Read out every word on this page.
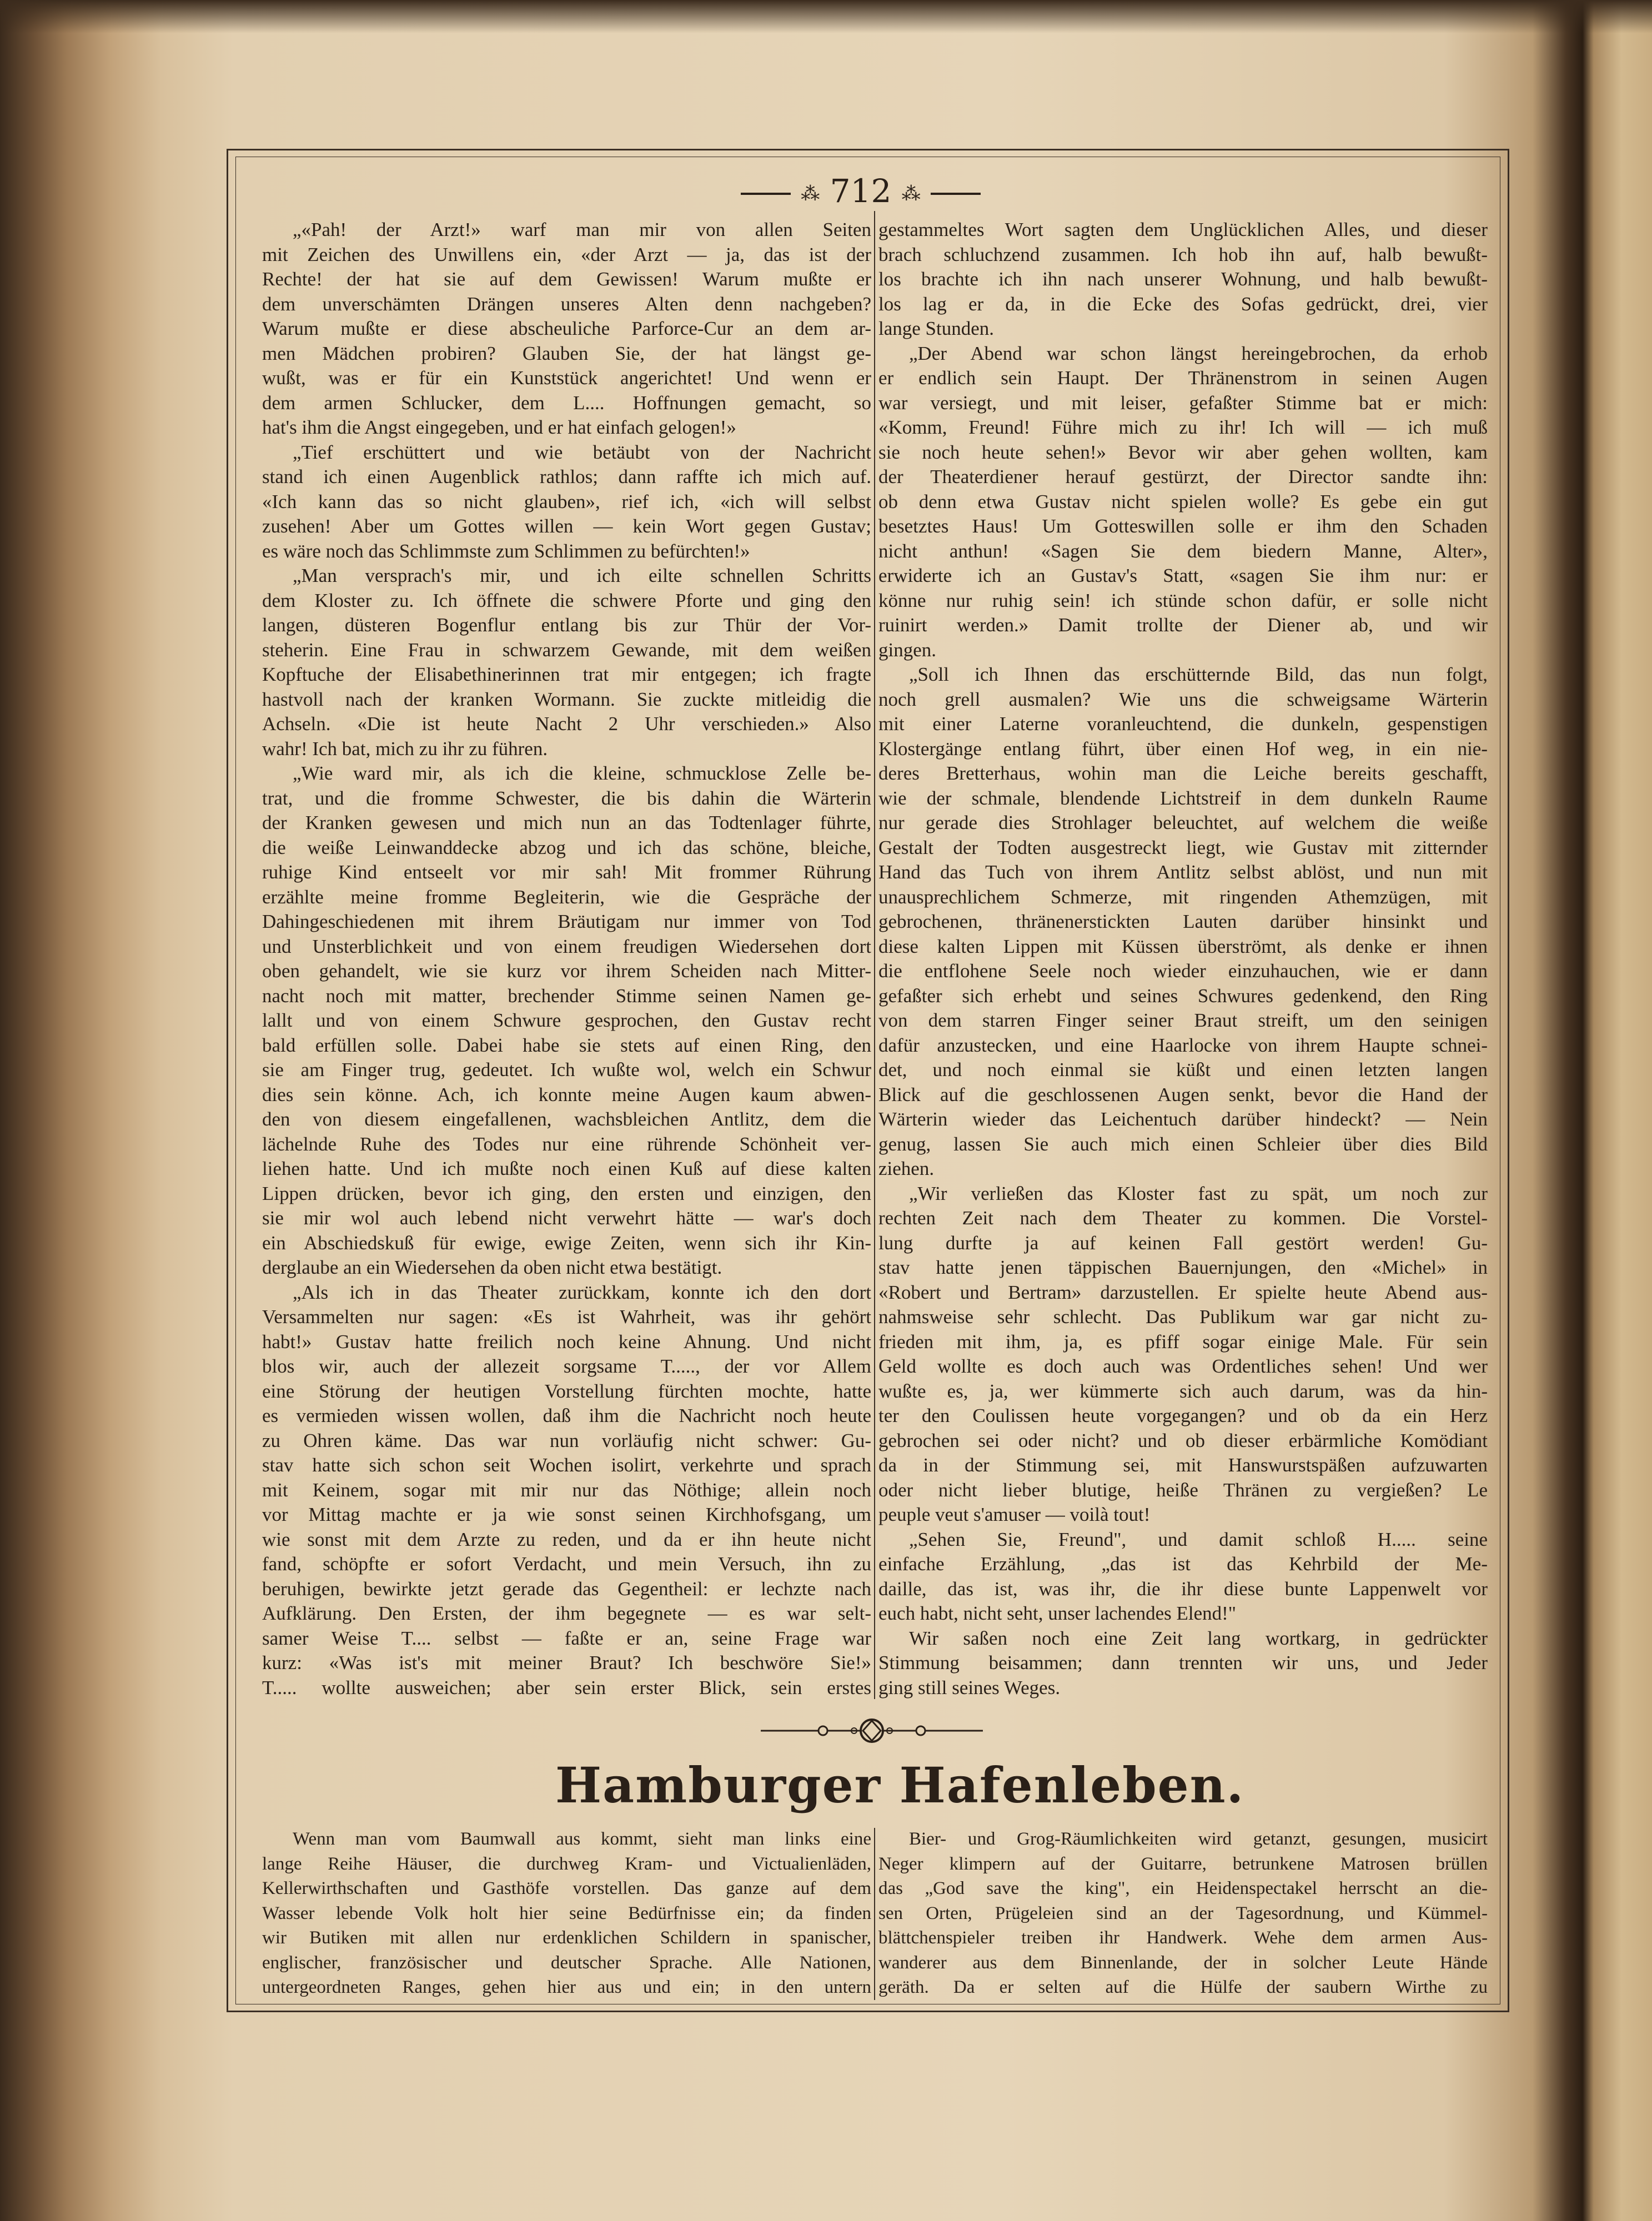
⁂ 712 ⁂
„«Pah! der Arzt!» warf man mir von allen Seiten
mit Zeichen des Unwillens ein, «der Arzt — ja, das ist der
Rechte! der hat sie auf dem Gewissen! Warum mußte er
dem unverschämten Drängen unseres Alten denn nachgeben?
Warum mußte er diese abscheuliche Parforce-Cur an dem ar-
men Mädchen probiren? Glauben Sie, der hat längst ge-
wußt, was er für ein Kunststück angerichtet! Und wenn er
dem armen Schlucker, dem L.... Hoffnungen gemacht, so
hat's ihm die Angst eingegeben, und er hat einfach gelogen!»
„Tief erschüttert und wie betäubt von der Nachricht
stand ich einen Augenblick rathlos; dann raffte ich mich auf.
«Ich kann das so nicht glauben», rief ich, «ich will selbst
zusehen! Aber um Gottes willen — kein Wort gegen Gustav;
es wäre noch das Schlimmste zum Schlimmen zu befürchten!»
„Man versprach's mir, und ich eilte schnellen Schritts
dem Kloster zu. Ich öffnete die schwere Pforte und ging den
langen, düsteren Bogenflur entlang bis zur Thür der Vor-
steherin. Eine Frau in schwarzem Gewande, mit dem weißen
Kopftuche der Elisabethinerinnen trat mir entgegen; ich fragte
hastvoll nach der kranken Wormann. Sie zuckte mitleidig die
Achseln. «Die ist heute Nacht 2 Uhr verschieden.» Also
wahr! Ich bat, mich zu ihr zu führen.
„Wie ward mir, als ich die kleine, schmucklose Zelle be-
trat, und die fromme Schwester, die bis dahin die Wärterin
der Kranken gewesen und mich nun an das Todtenlager führte,
die weiße Leinwanddecke abzog und ich das schöne, bleiche,
ruhige Kind entseelt vor mir sah! Mit frommer Rührung
erzählte meine fromme Begleiterin, wie die Gespräche der
Dahingeschiedenen mit ihrem Bräutigam nur immer von Tod
und Unsterblichkeit und von einem freudigen Wiedersehen dort
oben gehandelt, wie sie kurz vor ihrem Scheiden nach Mitter-
nacht noch mit matter, brechender Stimme seinen Namen ge-
lallt und von einem Schwure gesprochen, den Gustav recht
bald erfüllen solle. Dabei habe sie stets auf einen Ring, den
sie am Finger trug, gedeutet. Ich wußte wol, welch ein Schwur
dies sein könne. Ach, ich konnte meine Augen kaum abwen-
den von diesem eingefallenen, wachsbleichen Antlitz, dem die
lächelnde Ruhe des Todes nur eine rührende Schönheit ver-
liehen hatte. Und ich mußte noch einen Kuß auf diese kalten
Lippen drücken, bevor ich ging, den ersten und einzigen, den
sie mir wol auch lebend nicht verwehrt hätte — war's doch
ein Abschiedskuß für ewige, ewige Zeiten, wenn sich ihr Kin-
derglaube an ein Wiedersehen da oben nicht etwa bestätigt.
„Als ich in das Theater zurückkam, konnte ich den dort
Versammelten nur sagen: «Es ist Wahrheit, was ihr gehört
habt!» Gustav hatte freilich noch keine Ahnung. Und nicht
blos wir, auch der allezeit sorgsame T....., der vor Allem
eine Störung der heutigen Vorstellung fürchten mochte, hatte
es vermieden wissen wollen, daß ihm die Nachricht noch heute
zu Ohren käme. Das war nun vorläufig nicht schwer: Gu-
stav hatte sich schon seit Wochen isolirt, verkehrte und sprach
mit Keinem, sogar mit mir nur das Nöthige; allein noch
vor Mittag machte er ja wie sonst seinen Kirchhofsgang, um
wie sonst mit dem Arzte zu reden, und da er ihn heute nicht
fand, schöpfte er sofort Verdacht, und mein Versuch, ihn zu
beruhigen, bewirkte jetzt gerade das Gegentheil: er lechzte nach
Aufklärung. Den Ersten, der ihm begegnete — es war selt-
samer Weise T.... selbst — faßte er an, seine Frage war
kurz: «Was ist's mit meiner Braut? Ich beschwöre Sie!»
T..... wollte ausweichen; aber sein erster Blick, sein erstes
gestammeltes Wort sagten dem Unglücklichen Alles, und dieser
brach schluchzend zusammen. Ich hob ihn auf, halb bewußt-
los brachte ich ihn nach unserer Wohnung, und halb bewußt-
los lag er da, in die Ecke des Sofas gedrückt, drei, vier
lange Stunden.
„Der Abend war schon längst hereingebrochen, da erhob
er endlich sein Haupt. Der Thränenstrom in seinen Augen
war versiegt, und mit leiser, gefaßter Stimme bat er mich:
«Komm, Freund! Führe mich zu ihr! Ich will — ich muß
sie noch heute sehen!» Bevor wir aber gehen wollten, kam
der Theaterdiener herauf gestürzt, der Director sandte ihn:
ob denn etwa Gustav nicht spielen wolle? Es gebe ein gut
besetztes Haus! Um Gotteswillen solle er ihm den Schaden
nicht anthun! «Sagen Sie dem biedern Manne, Alter»,
erwiderte ich an Gustav's Statt, «sagen Sie ihm nur: er
könne nur ruhig sein! ich stünde schon dafür, er solle nicht
ruinirt werden.» Damit trollte der Diener ab, und wir
gingen.
„Soll ich Ihnen das erschütternde Bild, das nun folgt,
noch grell ausmalen? Wie uns die schweigsame Wärterin
mit einer Laterne voranleuchtend, die dunkeln, gespenstigen
Klostergänge entlang führt, über einen Hof weg, in ein nie-
deres Bretterhaus, wohin man die Leiche bereits geschafft,
wie der schmale, blendende Lichtstreif in dem dunkeln Raume
nur gerade dies Strohlager beleuchtet, auf welchem die weiße
Gestalt der Todten ausgestreckt liegt, wie Gustav mit zitternder
Hand das Tuch von ihrem Antlitz selbst ablöst, und nun mit
unausprechlichem Schmerze, mit ringenden Athemzügen, mit
gebrochenen, thränenerstickten Lauten darüber hinsinkt und
diese kalten Lippen mit Küssen überströmt, als denke er ihnen
die entflohene Seele noch wieder einzuhauchen, wie er dann
gefaßter sich erhebt und seines Schwures gedenkend, den Ring
von dem starren Finger seiner Braut streift, um den seinigen
dafür anzustecken, und eine Haarlocke von ihrem Haupte schnei-
det, und noch einmal sie küßt und einen letzten langen
Blick auf die geschlossenen Augen senkt, bevor die Hand der
Wärterin wieder das Leichentuch darüber hindeckt? — Nein
genug, lassen Sie auch mich einen Schleier über dies Bild
ziehen.
„Wir verließen das Kloster fast zu spät, um noch zur
rechten Zeit nach dem Theater zu kommen. Die Vorstel-
lung durfte ja auf keinen Fall gestört werden! Gu-
stav hatte jenen täppischen Bauernjungen, den «Michel» in
«Robert und Bertram» darzustellen. Er spielte heute Abend aus-
nahmsweise sehr schlecht. Das Publikum war gar nicht zu-
frieden mit ihm, ja, es pfiff sogar einige Male. Für sein
Geld wollte es doch auch was Ordentliches sehen! Und wer
wußte es, ja, wer kümmerte sich auch darum, was da hin-
ter den Coulissen heute vorgegangen? und ob da ein Herz
gebrochen sei oder nicht? und ob dieser erbärmliche Komödiant
da in der Stimmung sei, mit Hanswurstspäßen aufzuwarten
oder nicht lieber blutige, heiße Thränen zu vergießen? Le
peuple veut s'amuser — voilà tout!
„Sehen Sie, Freund", und damit schloß H..... seine
einfache Erzählung, „das ist das Kehrbild der Me-
daille, das ist, was ihr, die ihr diese bunte Lappenwelt vor
euch habt, nicht seht, unser lachendes Elend!"
Wir saßen noch eine Zeit lang wortkarg, in gedrückter
Stimmung beisammen; dann trennten wir uns, und Jeder
ging still seines Weges.
Hamburger Hafenleben.
Wenn man vom Baumwall aus kommt, sieht man links eine
lange Reihe Häuser, die durchweg Kram- und Victualienläden,
Kellerwirthschaften und Gasthöfe vorstellen. Das ganze auf dem
Wasser lebende Volk holt hier seine Bedürfnisse ein; da finden
wir Butiken mit allen nur erdenklichen Schildern in spanischer,
englischer, französischer und deutscher Sprache. Alle Nationen,
untergeordneten Ranges, gehen hier aus und ein; in den untern
Bier- und Grog-Räumlichkeiten wird getanzt, gesungen, musicirt
Neger klimpern auf der Guitarre, betrunkene Matrosen brüllen
das „God save the king", ein Heidenspectakel herrscht an die-
sen Orten, Prügeleien sind an der Tagesordnung, und Kümmel-
blättchenspieler treiben ihr Handwerk. Wehe dem armen Aus-
wanderer aus dem Binnenlande, der in solcher Leute Hände
geräth. Da er selten auf die Hülfe der saubern Wirthe zu
